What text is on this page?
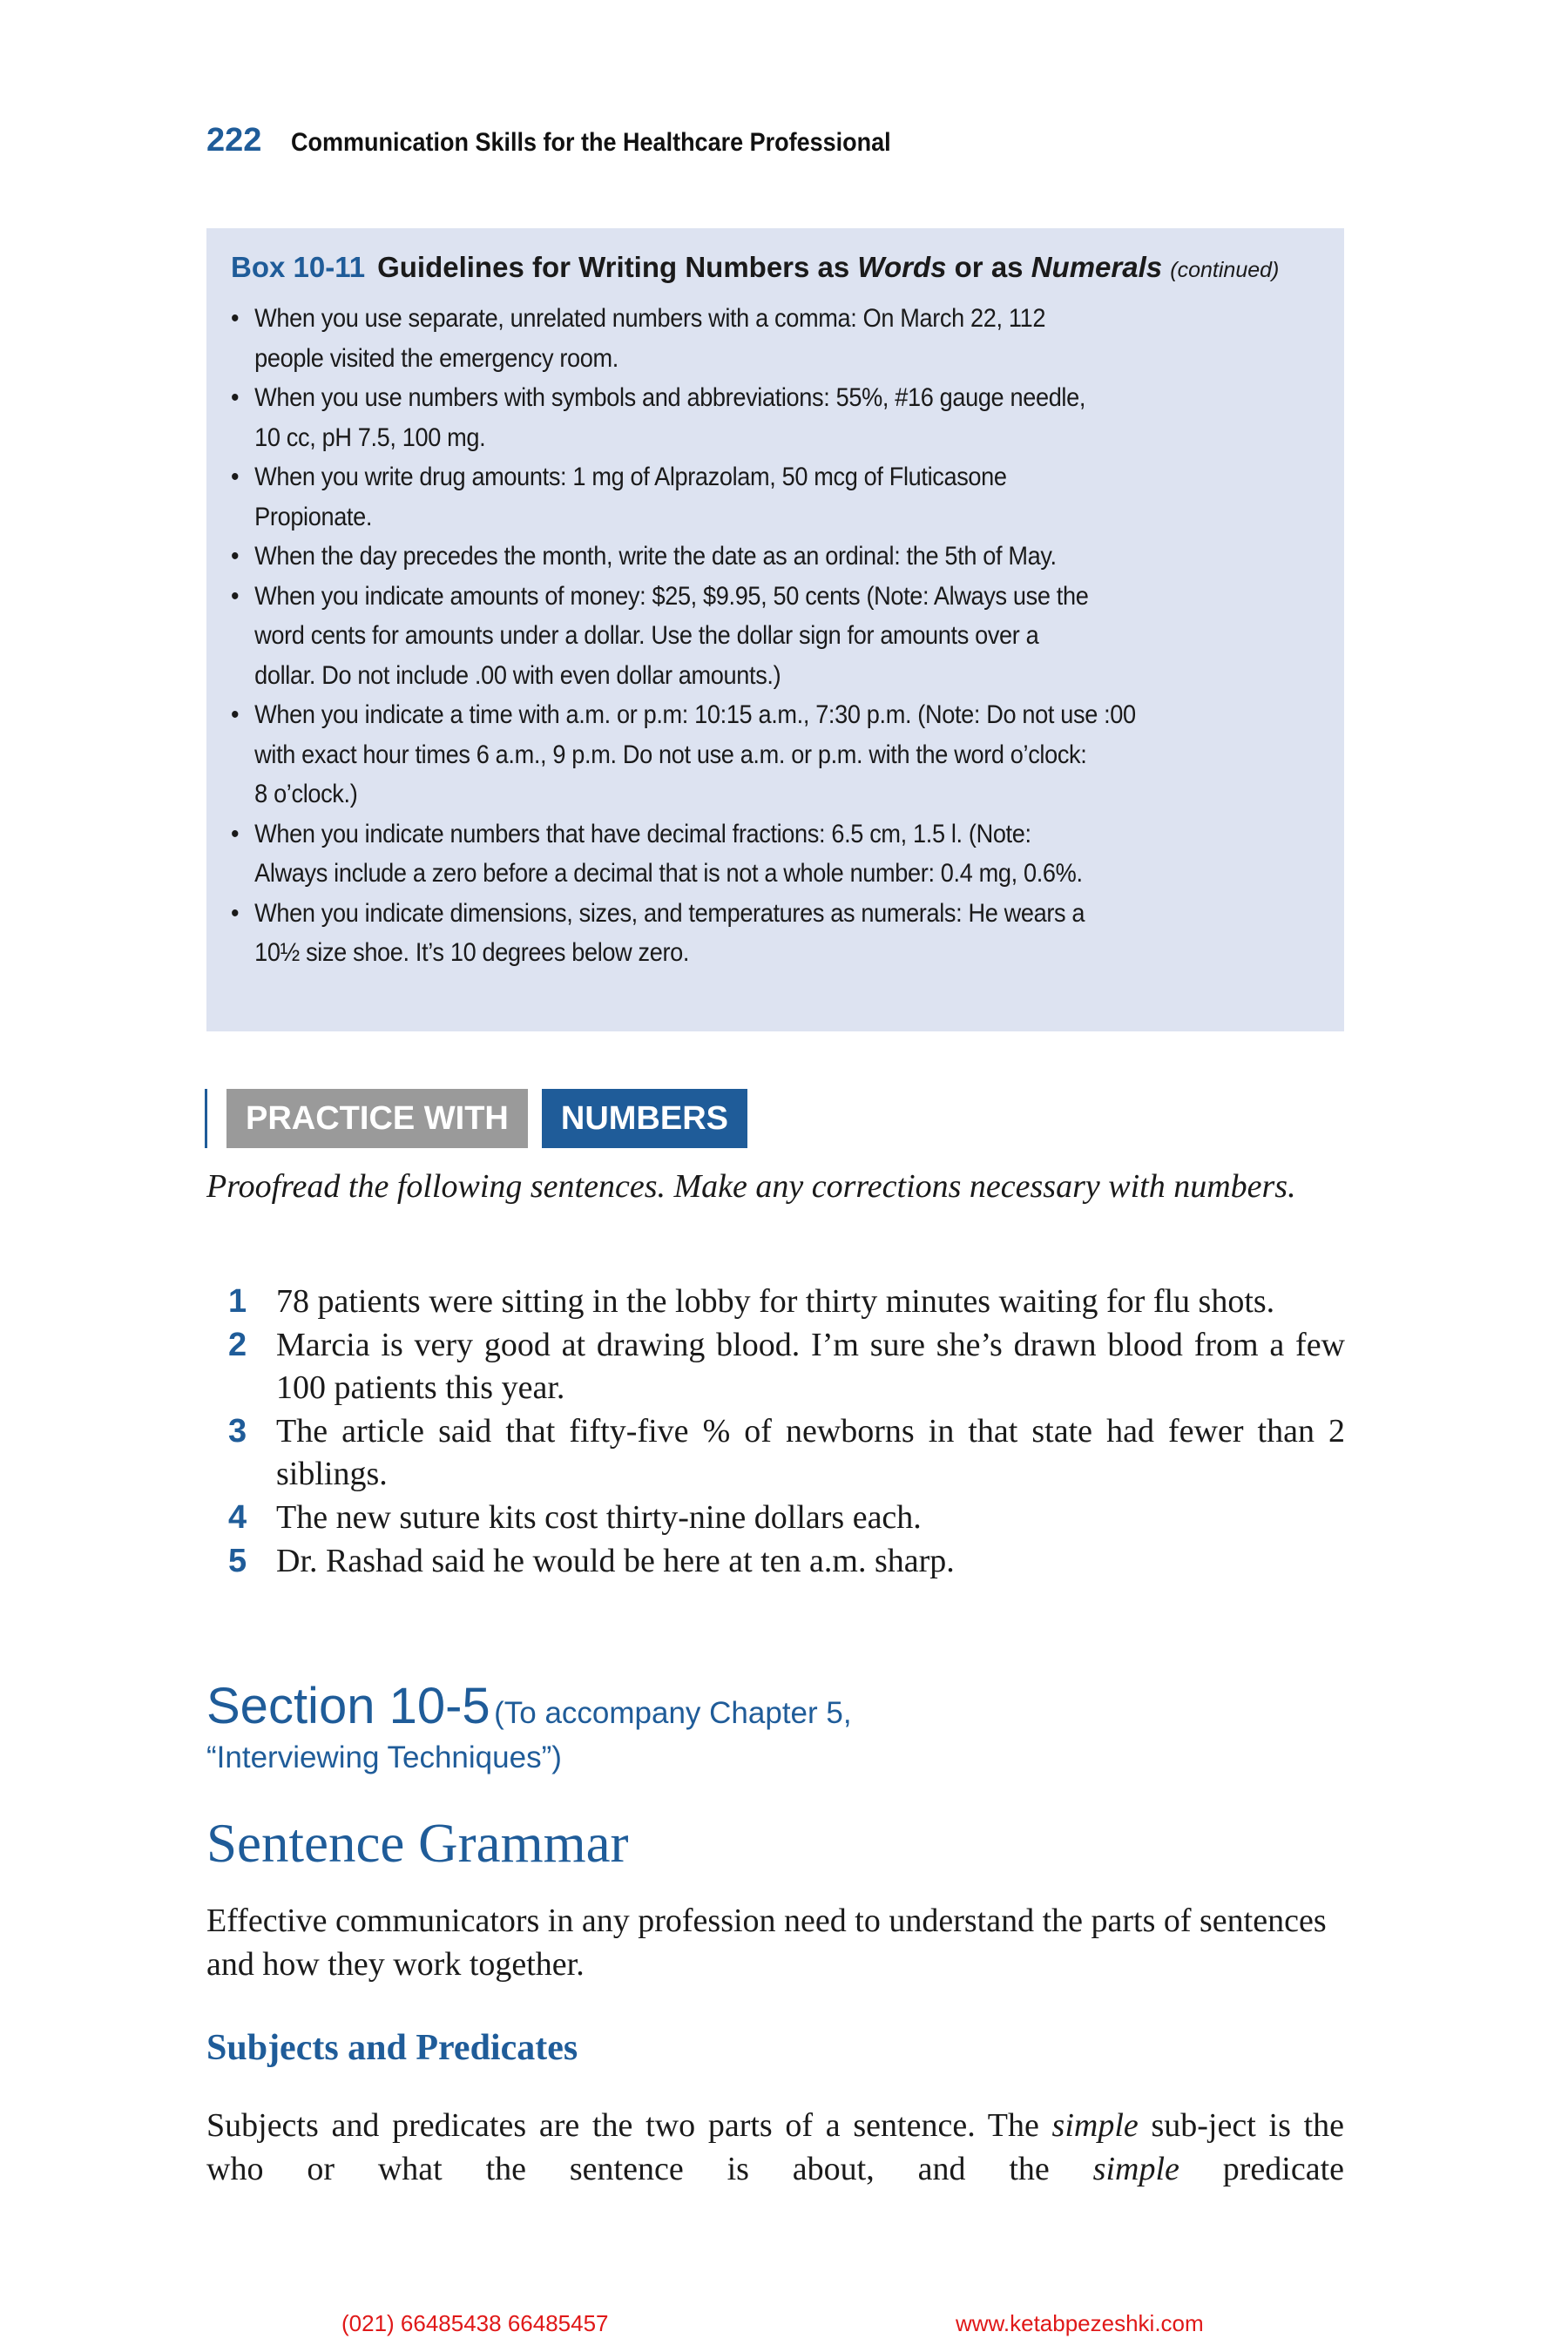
222 Communication Skills for the Healthcare Professional
Box 10-11 Guidelines for Writing Numbers as Words or as Numerals (continued)
• When you use separate, unrelated numbers with a comma: On March 22, 112
people visited the emergency room.
• When you use numbers with symbols and abbreviations: 55%, #16 gauge needle,
10 cc, pH 7.5, 100 mg.
• When you write drug amounts: 1 mg of Alprazolam, 50 mcg of Fluticasone
Propionate.
• When the day precedes the month, write the date as an ordinal: the 5th of May.
• When you indicate amounts of money: $25, $9.95, 50 cents (Note: Always use the
word cents for amounts under a dollar. Use the dollar sign for amounts over a
dollar. Do not include .00 with even dollar amounts.)
• When you indicate a time with a.m. or p.m: 10:15 a.m., 7:30 p.m. (Note: Do not use :00
with exact hour times 6 a.m., 9 p.m. Do not use a.m. or p.m. with the word o’clock:
8 o’clock.)
• When you indicate numbers that have decimal fractions: 6.5 cm, 1.5 l. (Note:
Always include a zero before a decimal that is not a whole number: 0.4 mg, 0.6%.
• When you indicate dimensions, sizes, and temperatures as numerals: He wears a
10½ size shoe. It’s 10 degrees below zero.
PRACTICE WITH	NUMBERS
Proofread the following sentences. Make any corrections necessary with numbers.
1 78 patients were sitting in the lobby for thirty minutes waiting for flu shots.
2 Marcia is very good at drawing blood. I’m sure she’s drawn blood from a few 100 patients this year.
3 The article said that fifty-five % of newborns in that state had fewer than 2 siblings.
4 The new suture kits cost thirty-nine dollars each.
5 Dr. Rashad said he would be here at ten a.m. sharp.
Section 10-5 (To accompany Chapter 5,
“Interviewing Techniques”)
Sentence Grammar
Effective communicators in any profession need to understand the parts of sentences and how they work together.
Subjects and Predicates
Subjects and predicates are the two parts of a sentence. The simple sub-ject is the who or what the sentence is about, and the simple predicate
(021) 66485438 66485457	www.ketabpezeshki.com
